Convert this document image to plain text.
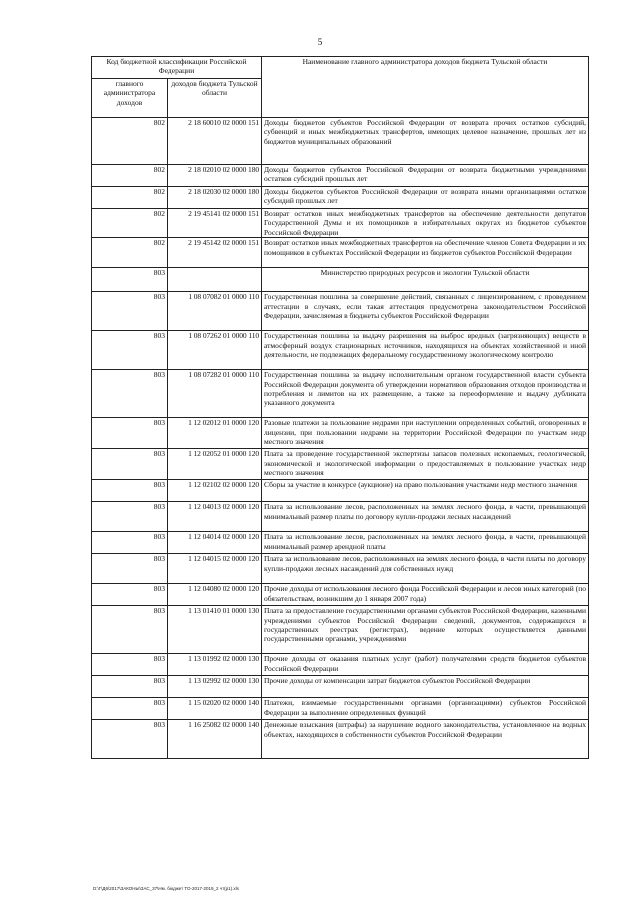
5
Код бюджетной классификации Российской Федерации		Наименование главного администратора доходов бюджета Тульской области
главного администратора доходов	доходов бюджета Тульской области	
802	2 18 60010 02 0000 151	Доходы бюджетов субъектов Российской Федерации от возврата прочих остатков субсидий, субвенций и иных межбюджетных трансфертов, имеющих целевое назначение, прошлых лет из бюджетов муниципальных образований
802	2 18 02010 02 0000 180	Доходы бюджетов субъектов Российской Федерации от возврата бюджетными учреждениями остатков субсидий прошлых лет
802	2 18 02030 02 0000 180	Доходы бюджетов субъектов Российской Федерации от возврата иными организациями остатков субсидий прошлых лет
802	2 19 45141 02 0000 151	Возврат остатков иных межбюджетных трансфертов на обеспечение деятельности депутатов Государственной Думы и их помощников в избирательных округах из бюджетов субъектов Российской Федерации
802	2 19 45142 02 0000 151	Возврат остатков иных межбюджетных трансфертов на обеспечение членов Совета Федерации и их помощников в субъектах Российской Федерации из бюджетов субъектов Российской Федерации
803		Министерство природных ресурсов и экологии Тульской области
803	1 08 07082 01 0000 110	Государственная пошлина за совершение действий, связанных с лицензированием, с проведением аттестации в случаях, если такая аттестация предусмотрена законодательством Российской Федерации, зачисляемая в бюджеты субъектов Российской Федерации
803	1 08 07262 01 0000 110	Государственная пошлина за выдачу разрешения на выброс вредных (загрязняющих) веществ в атмосферный воздух стационарных источников, находящихся на объектах хозяйственной и иной деятельности, не подлежащих федеральному государственному экологическому контролю
803	1 08 07282 01 0000 110	Государственная пошлина за выдачу исполнительным органом государственной власти субъекта Российской Федерации документа об утверждении нормативов образования отходов производства и потребления и лимитов на их размещение, а также за переоформление и выдачу дубликата указанного документа
803	1 12 02012 01 0000 120	Разовые платежи за пользование недрами при наступлении определенных событий, оговоренных в лицензии, при пользовании недрами на территории Российской Федерации по участкам недр местного значения
803	1 12 02052 01 0000 120	Плата за проведение государственной экспертизы запасов полезных ископаемых, геологической, экономической и экологической информации о предоставляемых в пользование участках недр местного значения
803	1 12 02102 02 0000 120	Сборы за участие в конкурсе (аукционе) на право пользования участками недр местного значения
803	1 12 04013 02 0000 120	Плата за использование лесов, расположенных на землях лесного фонда, в части, превышающей минимальный размер платы по договору купли-продажи лесных насаждений
803	1 12 04014 02 0000 120	Плата за использование лесов, расположенных на землях лесного фонда, в части, превышающей минимальный размер арендной платы
803	1 12 04015 02 0000 120	Плата за использование лесов, расположенных на землях лесного фонда, в части платы по договору купли-продажи лесных насаждений для собственных нужд
803	1 12 04080 02 0000 120	Прочие доходы от использования лесного фонда Российской Федерации и лесов иных категорий (по обязательствам, возникшим до 1 января 2007 года)
803	1 13 01410 01 0000 130	Плата за предоставление государственными органами субъектов Российской Федерации, казенными учреждениями субъектов Российской Федерации сведений, документов, содержащихся в государственных реестрах (регистрах), ведение которых осуществляется данными государственными органами, учреждениями
803	1 13 01992 02 0000 130	Прочие доходы от оказания платных услуг (работ) получателями средств бюджетов субъектов Российской Федерации
803	1 13 02992 02 0000 130	Прочие доходы от компенсации затрат бюджетов субъектов Российской Федерации
803	1 15 02020 02 0000 140	Платежи, взимаемые государственными органами (организациями) субъектов Российской Федерации за выполнение определенных функций
803	1 16 25082 02 0000 140	Денежные взыскания (штрафы) за нарушение водного законодательства, установленное на водных объектах, находящихся в собственности субъектов Российской Федерации
D:\Г\Д6\2017\ЗАКОНЫ\ЗАС_37\Нм. бюджет ТО-2017-2019_2 чт(р1).xls
